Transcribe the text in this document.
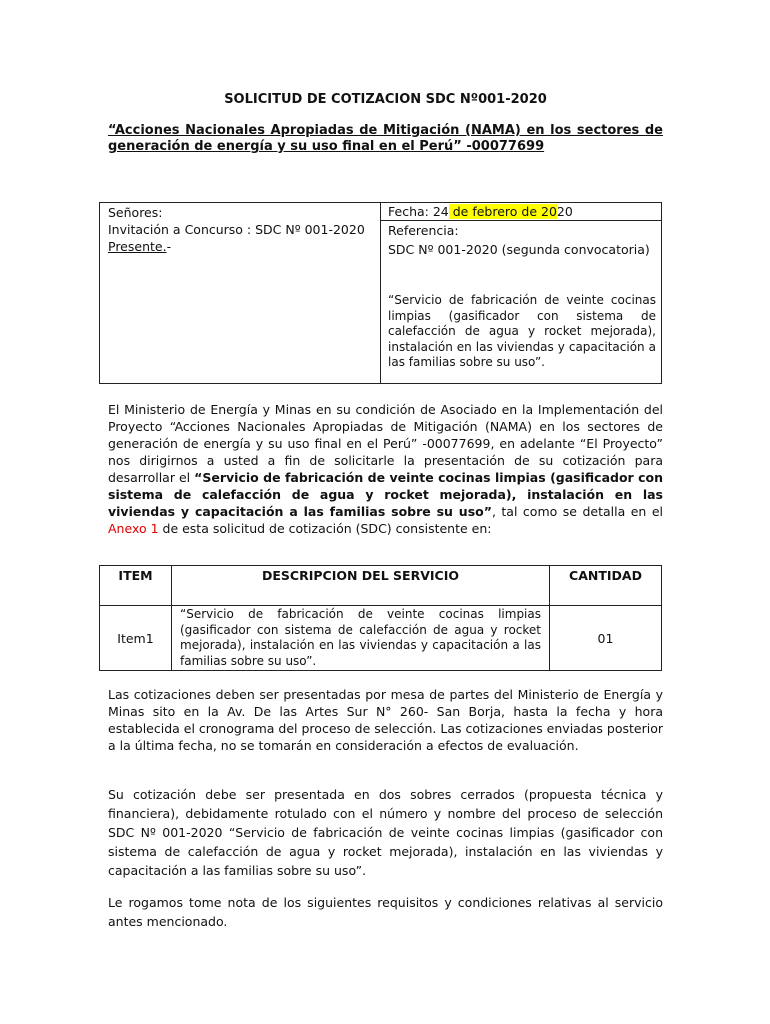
SOLICITUD DE COTIZACION SDC Nº001-2020
“Acciones Nacionales Apropiadas de Mitigación (NAMA) en los sectores de generación de energía y su uso final en el Perú” -00077699
Señores:
Invitación a Concurso : SDC Nº 001-2020
Presente.-
Fecha: 24 de febrero de 2020
Referencia:
SDC Nº 001-2020 (segunda convocatoria)
“Servicio de fabricación de veinte cocinas limpias (gasificador con sistema de calefacción de agua y rocket mejorada), instalación en las viviendas y capacitación a las familias sobre su uso”.
El Ministerio de Energía y Minas en su condición de Asociado en la Implementación del Proyecto “Acciones Nacionales Apropiadas de Mitigación (NAMA) en los sectores de generación de energía y su uso final en el Perú” -00077699, en adelante “El Proyecto” nos dirigirnos a usted a fin de solicitarle la presentación de su cotización para desarrollar el “Servicio de fabricación de veinte cocinas limpias (gasificador con sistema de calefacción de agua y rocket mejorada), instalación en las viviendas y capacitación a las familias sobre su uso”, tal como se detalla en el Anexo 1 de esta solicitud de cotización (SDC) consistente en:
ITEM	DESCRIPCION DEL SERVICIO	CANTIDAD
Item1	“Servicio de fabricación de veinte cocinas limpias (gasificador con sistema de calefacción de agua y rocket mejorada), instalación en las viviendas y capacitación a las familias sobre su uso”.	01
Las cotizaciones deben ser presentadas por mesa de partes del Ministerio de Energía y Minas sito en la Av. De las Artes Sur N° 260- San Borja, hasta la fecha y hora establecida el cronograma del proceso de selección. Las cotizaciones enviadas posterior a la última fecha, no se tomarán en consideración a efectos de evaluación.
Su cotización debe ser presentada en dos sobres cerrados (propuesta técnica y financiera), debidamente rotulado con el número y nombre del proceso de selección SDC Nº 001-2020 “Servicio de fabricación de veinte cocinas limpias (gasificador con sistema de calefacción de agua y rocket mejorada), instalación en las viviendas y capacitación a las familias sobre su uso”.
Le rogamos tome nota de los siguientes requisitos y condiciones relativas al servicio antes mencionado.
